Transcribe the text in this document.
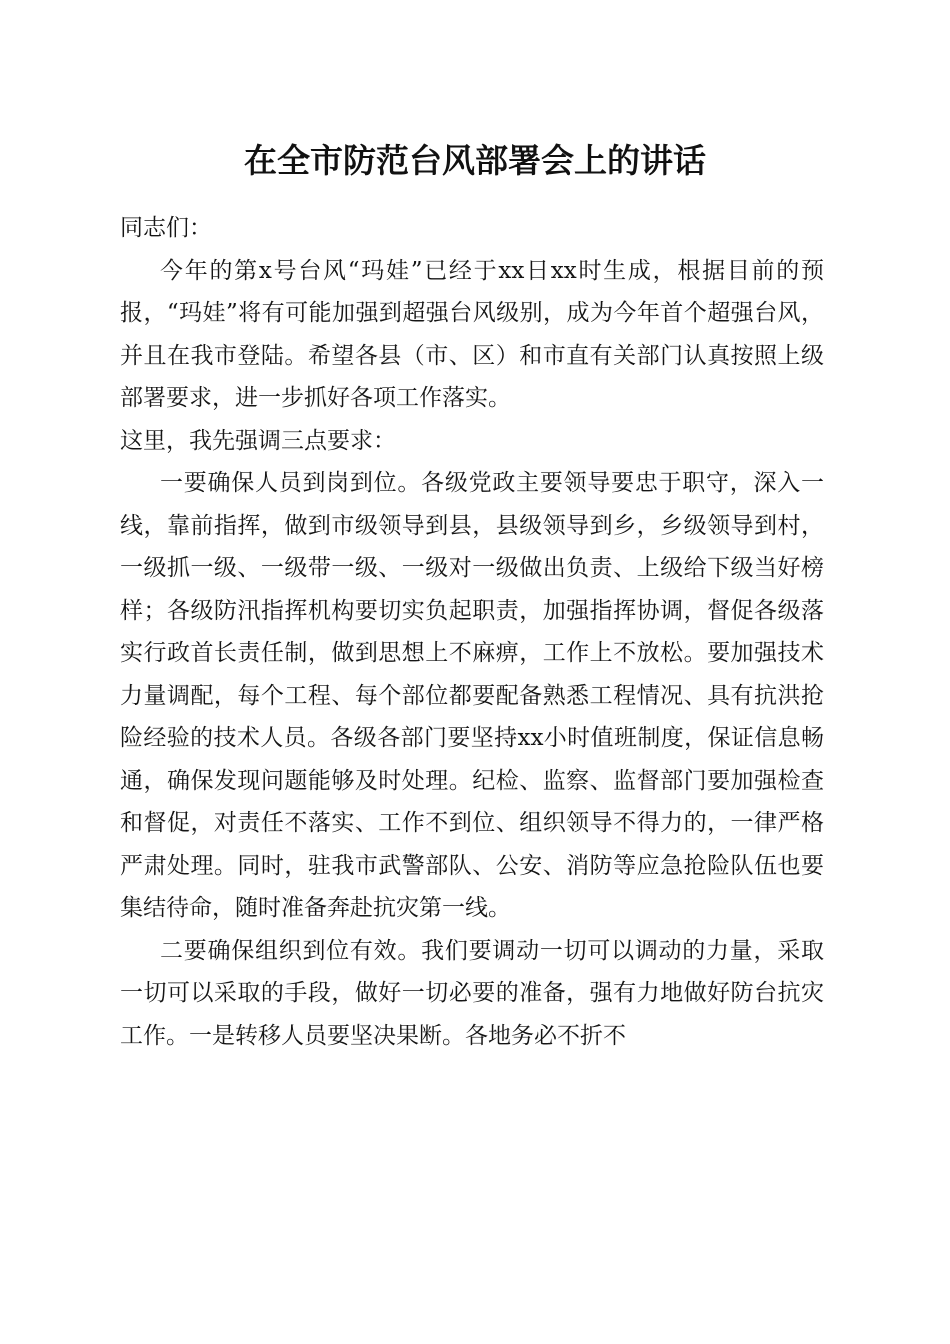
在全市防范台风部署会上的讲话

同志们：

今年的第x号台风“玛娃”已经于xx日xx时生成，根据目前的预报，“玛娃”将有可能加强到超强台风级别，成为今年首个超强台风，并且在我市登陆。希望各县（市、区）和市直有关部门认真按照上级部署要求，进一步抓好各项工作落实。

这里，我先强调三点要求：

一要确保人员到岗到位。各级党政主要领导要忠于职守，深入一线，靠前指挥，做到市级领导到县，县级领导到乡，乡级领导到村，一级抓一级、一级带一级、一级对一级做出负责、上级给下级当好榜样；各级防汛指挥机构要切实负起职责，加强指挥协调，督促各级落实行政首长责任制，做到思想上不麻痹，工作上不放松。要加强技术力量调配，每个工程、每个部位都要配备熟悉工程情况、具有抗洪抢险经验的技术人员。各级各部门要坚持xx小时值班制度，保证信息畅通，确保发现问题能够及时处理。纪检、监察、监督部门要加强检查和督促，对责任不落实、工作不到位、组织领导不得力的，一律严格严肃处理。同时，驻我市武警部队、公安、消防等应急抢险队伍也要集结待命，随时准备奔赴抗灾第一线。

二要确保组织到位有效。我们要调动一切可以调动的力量，采取一切可以采取的手段，做好一切必要的准备，强有力地做好防台抗灾工作。一是转移人员要坚决果断。各地务必不折不
